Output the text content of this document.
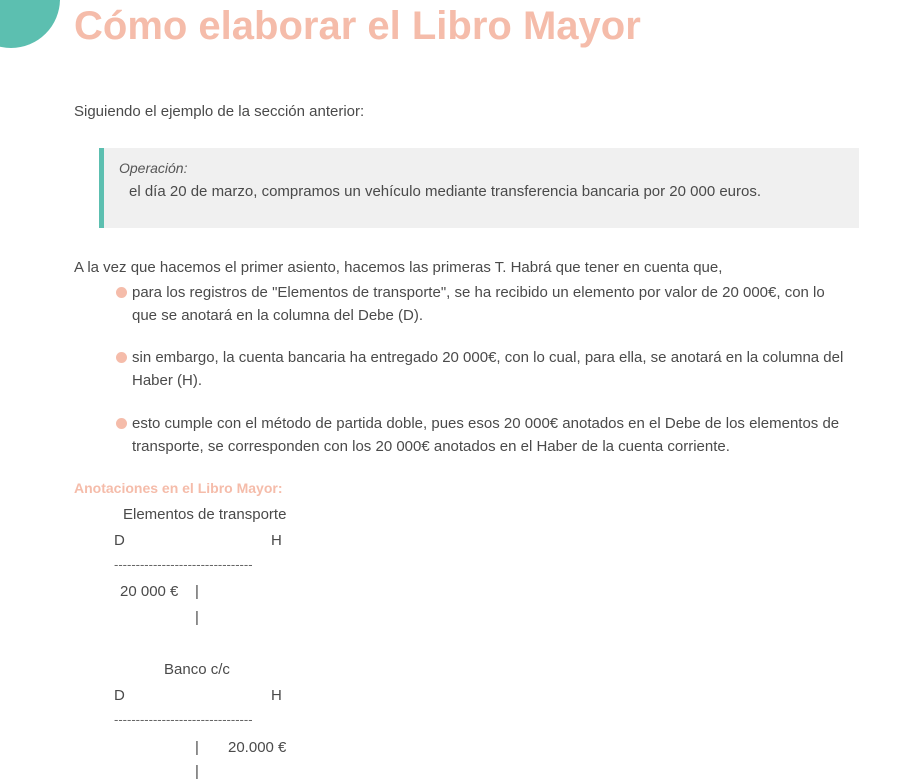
Cómo elaborar el Libro Mayor

Siguiendo el ejemplo de la sección anterior:

Operación:
el día 20 de marzo, compramos un vehículo mediante transferencia bancaria por 20 000 euros.

A la vez que hacemos el primer asiento, hacemos las primeras T. Habrá que tener en cuenta que,

para los registros de "Elementos de transporte", se ha recibido un elemento por valor de 20 000€, con lo
que se anotará en la columna del Debe (D).
sin embargo, la cuenta bancaria ha entregado 20 000€, con lo cual, para ella, se anotará en la columna del
Haber (H).
esto cumple con el método de partida doble, pues esos 20 000€ anotados en el Debe de los elementos de
transporte, se corresponden con los 20 000€ anotados en el Haber de la cuenta corriente.
Anotaciones en el Libro Mayor:
Elementos de transporte
D	H
--------------------------------
20 000 € |
|
Banco c/c
D	H
--------------------------------
| 20.000 €
|
